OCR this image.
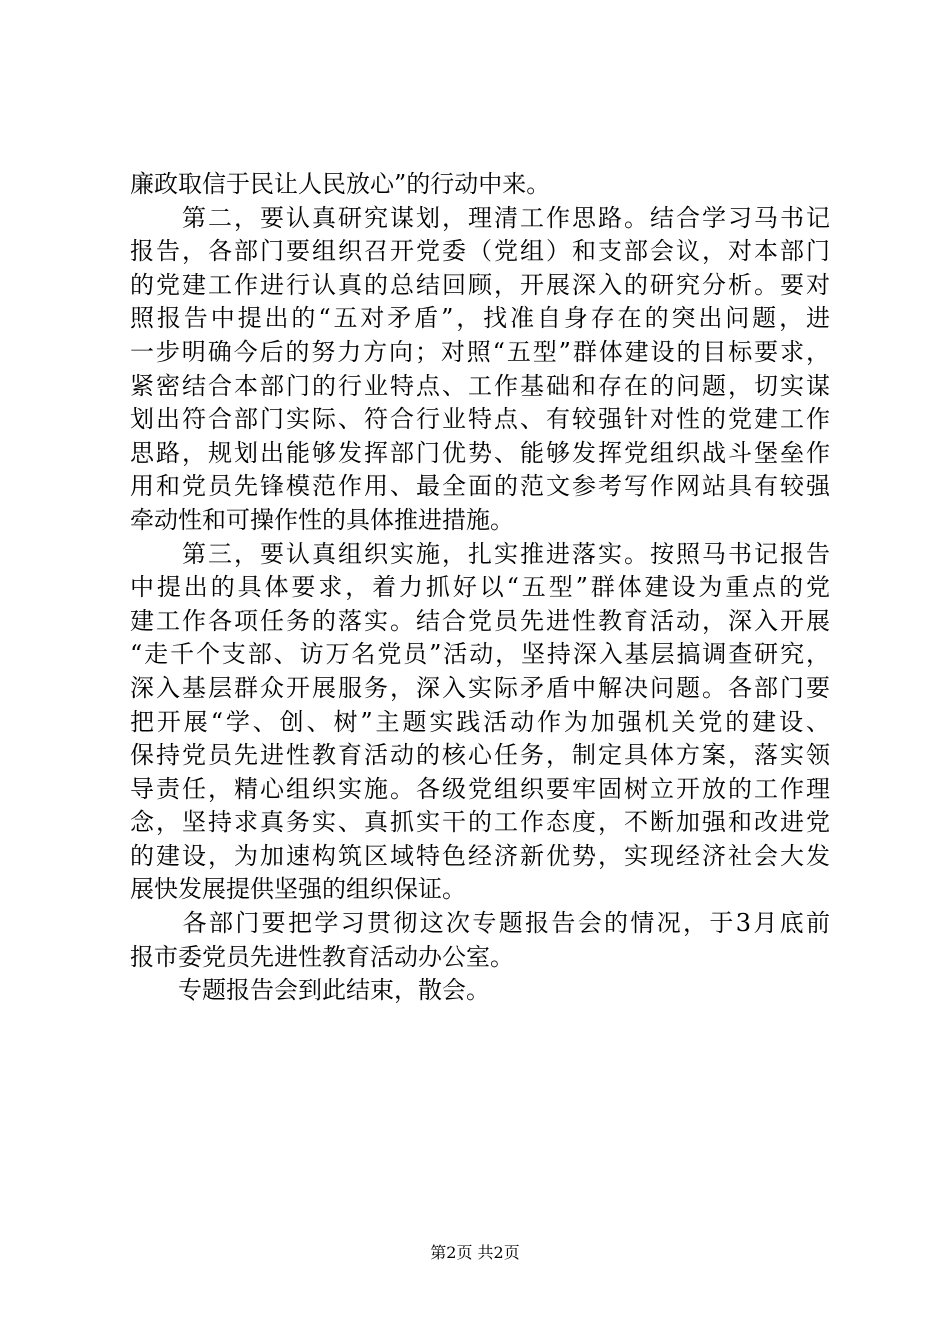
廉政取信于民让人民放心”的行动中来。
　　第二，要认真研究谋划，理清工作思路。结合学习马书记
报告，各部门要组织召开党委（党组）和支部会议，对本部门
的党建工作进行认真的总结回顾，开展深入的研究分析。要对
照报告中提出的“五对矛盾”，找准自身存在的突出问题，进
一步明确今后的努力方向；对照“五型”群体建设的目标要求，
紧密结合本部门的行业特点、工作基础和存在的问题，切实谋
划出符合部门实际、符合行业特点、有较强针对性的党建工作
思路，规划出能够发挥部门优势、能够发挥党组织战斗堡垒作
用和党员先锋模范作用、最全面的范文参考写作网站具有较强
牵动性和可操作性的具体推进措施。
　　第三，要认真组织实施，扎实推进落实。按照马书记报告
中提出的具体要求，着力抓好以“五型”群体建设为重点的党
建工作各项任务的落实。结合党员先进性教育活动，深入开展
“走千个支部、访万名党员”活动，坚持深入基层搞调查研究，
深入基层群众开展服务，深入实际矛盾中解决问题。各部门要
把开展“学、创、树”主题实践活动作为加强机关党的建设、
保持党员先进性教育活动的核心任务，制定具体方案，落实领
导责任，精心组织实施。各级党组织要牢固树立开放的工作理
念，坚持求真务实、真抓实干的工作态度，不断加强和改进党
的建设，为加速构筑区域特色经济新优势，实现经济社会大发
展快发展提供坚强的组织保证。
　　各部门要把学习贯彻这次专题报告会的情况，于3月底前
报市委党员先进性教育活动办公室。
　　专题报告会到此结束，散会。
第2页 共2页
